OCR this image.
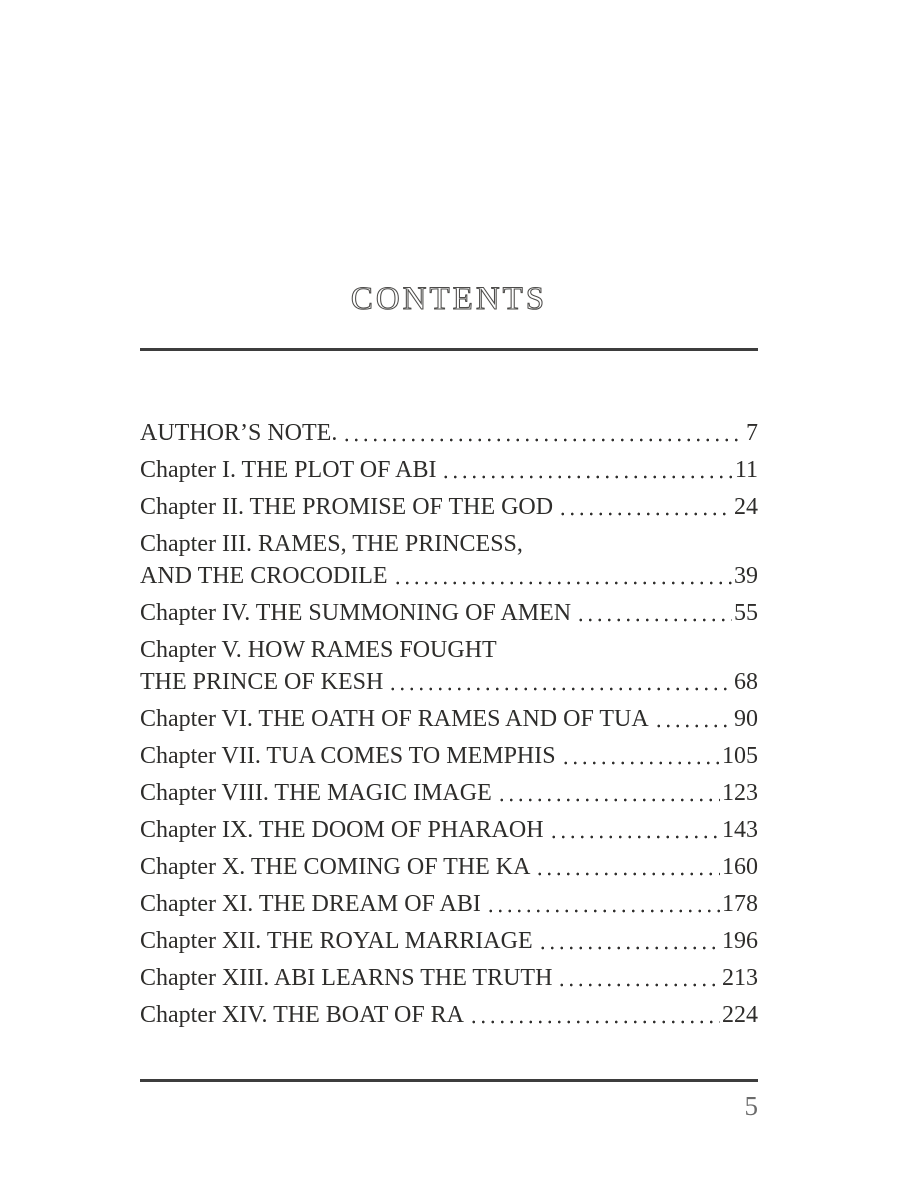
CONTENTS
AUTHOR’S NOTE.	7
Chapter I. THE PLOT OF ABI	11
Chapter II. THE PROMISE OF THE GOD	24
Chapter III. RAMES, THE PRINCESS,
AND THE CROCODILE	39
Chapter IV. THE SUMMONING OF AMEN	55
Chapter V. HOW RAMES FOUGHT
THE PRINCE OF KESH	68
Chapter VI. THE OATH OF RAMES AND OF TUA	90
Chapter VII. TUA COMES TO MEMPHIS	105
Chapter VIII. THE MAGIC IMAGE	123
Chapter IX. THE DOOM OF PHARAOH	143
Chapter X. THE COMING OF THE KA	160
Chapter XI. THE DREAM OF ABI	178
Chapter XII. THE ROYAL MARRIAGE	196
Chapter XIII. ABI LEARNS THE TRUTH	213
Chapter XIV. THE BOAT OF RA	224
5
